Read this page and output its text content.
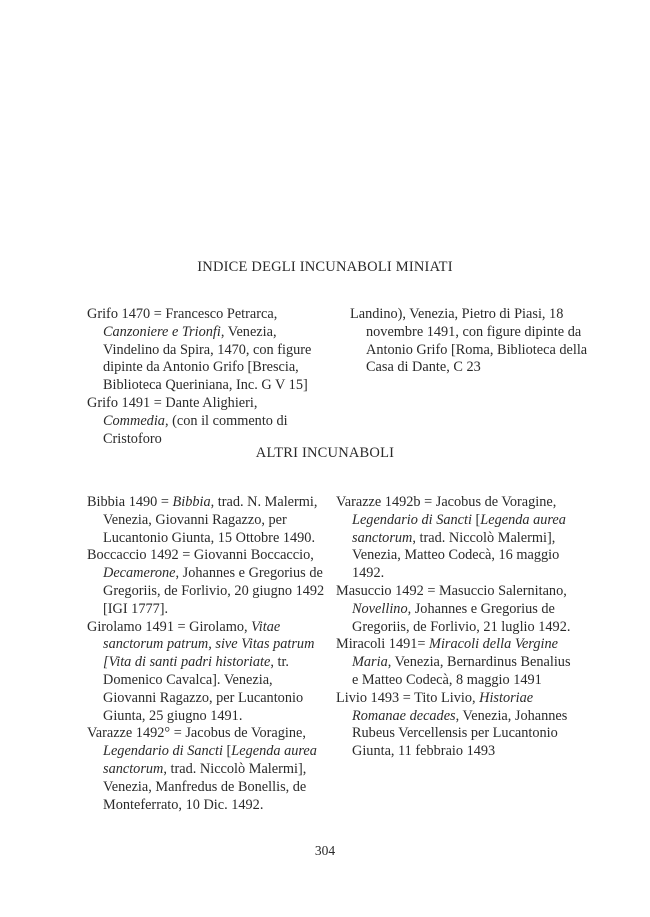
INDICE DEGLI INCUNABOLI MINIATI

Grifo 1470 = Francesco Petrarca, Canzoniere e Trionfi, Venezia, Vindelino da Spira, 1470, con figure dipinte da Antonio Grifo [Brescia, Biblioteca Queriniana, Inc. G V 15]

Grifo 1491 = Dante Alighieri, Commedia, (con il commento di Cristoforo

Landino), Venezia, Pietro di Piasi, 18 novembre 1491, con figure dipinte da Antonio Grifo [Roma, Biblioteca della Casa di Dante, C 23

ALTRI INCUNABOLI

Bibbia 1490 = Bibbia, trad. N. Malermi, Venezia, Giovanni Ragazzo, per Lucantonio Giunta, 15 Ottobre 1490.

Boccaccio 1492 = Giovanni Boccaccio, Decamerone, Johannes e Gregorius de Gregoriis, de Forlivio, 20 giugno 1492 [IGI 1777].

Girolamo 1491 = Girolamo, Vitae sanctorum patrum, sive Vitas patrum [Vita di santi padri historiate, tr. Domenico Cavalca]. Venezia, Giovanni Ragazzo, per Lucantonio Giunta, 25 giugno 1491.

Varazze 1492° = Jacobus de Voragine, Legendario di Sancti [Legenda aurea sanctorum, trad. Niccolò Malermi], Venezia, Manfredus de Bonellis, de Monteferrato, 10 Dic. 1492.

Varazze 1492b = Jacobus de Voragine, Legendario di Sancti [Legenda aurea sanctorum, trad. Niccolò Malermi], Venezia, Matteo Codecà, 16 maggio 1492.

Masuccio 1492 = Masuccio Salernitano, Novellino, Johannes e Gregorius de Gregoriis, de Forlivio, 21 luglio 1492.

Miracoli 1491= Miracoli della Vergine Maria, Venezia, Bernardinus Benalius e Matteo Codecà, 8 maggio 1491

Livio 1493 = Tito Livio, Historiae Romanae decades, Venezia, Johannes Rubeus Vercellensis per Lucantonio Giunta, 11 febbraio 1493

304
